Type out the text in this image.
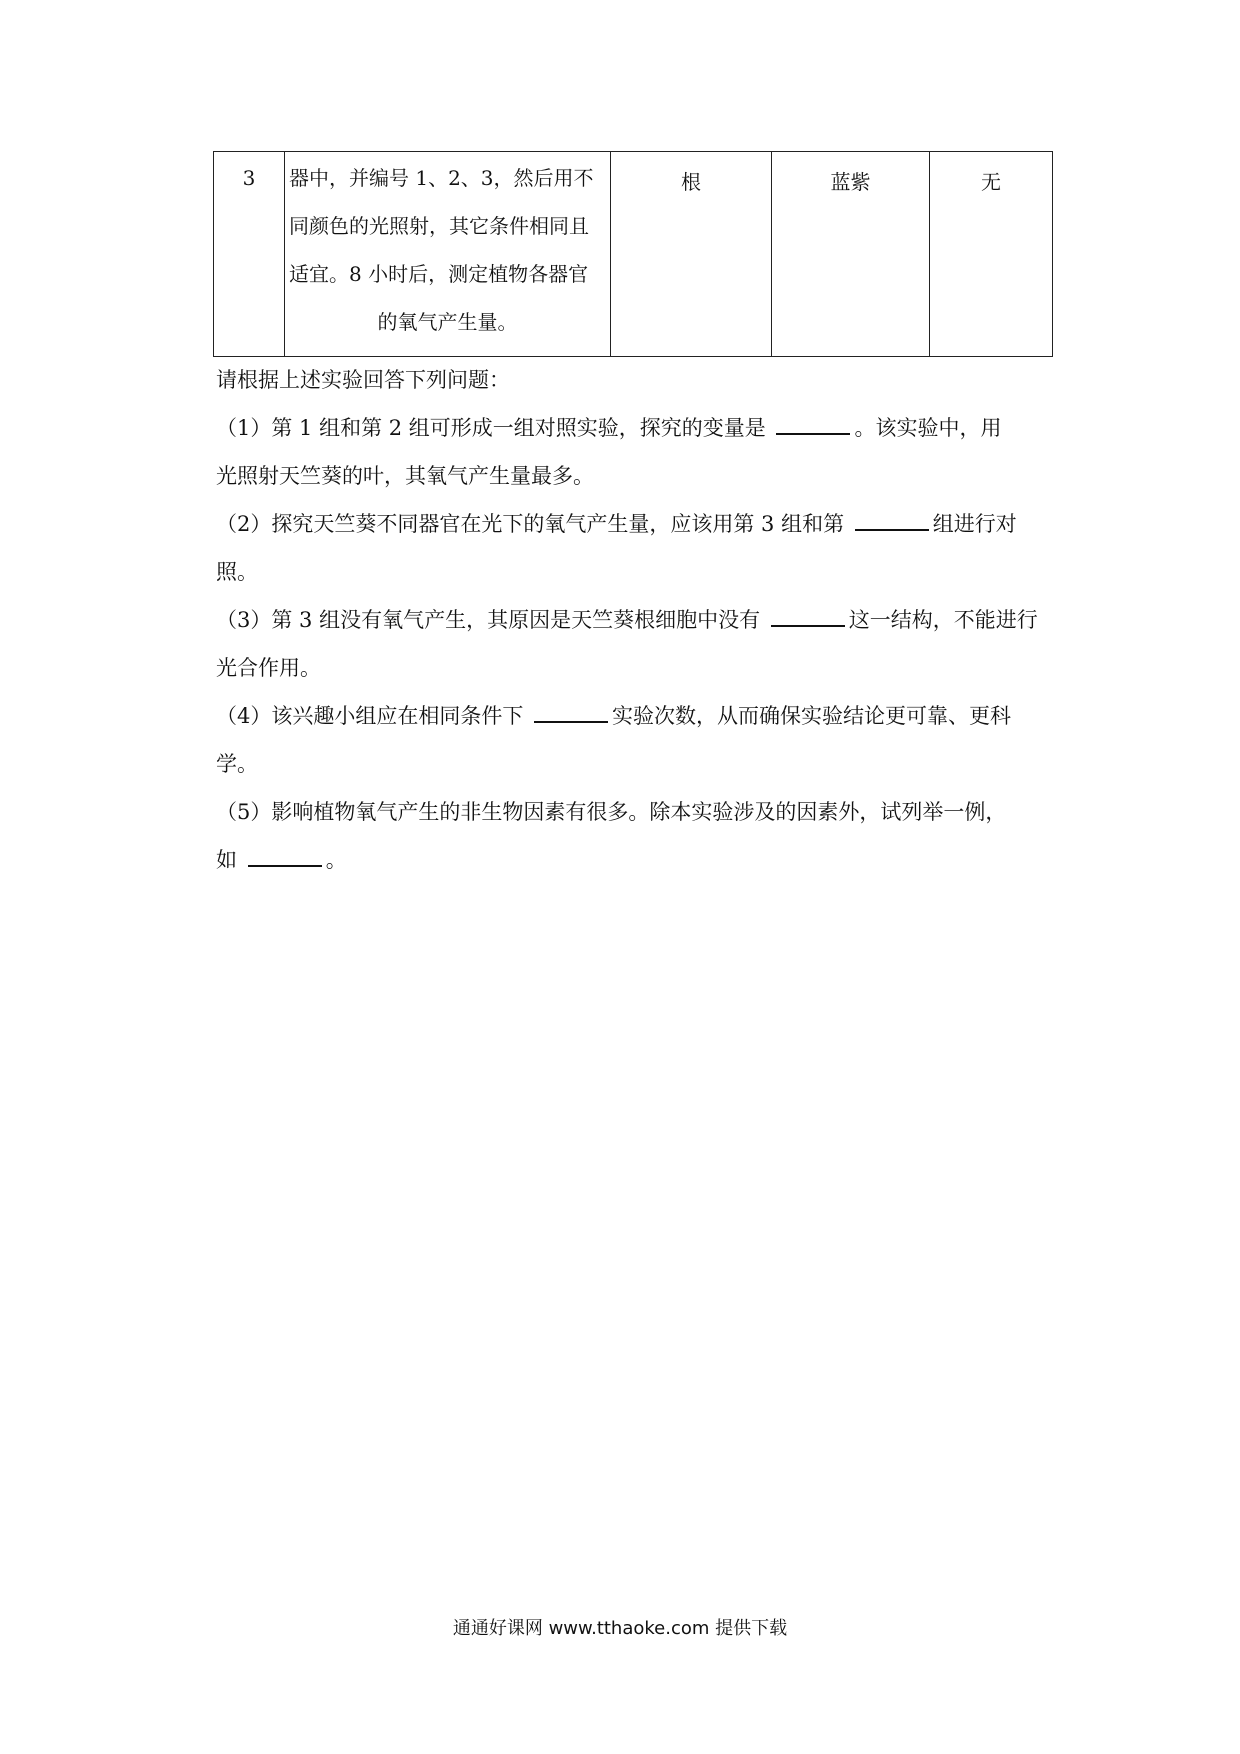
3	器中，并编号 1、2、3，然后用不
同颜色的光照射，其它条件相同且
适宜。8 小时后，测定植物各器官
的氧气产生量。
	根	蓝紫	无
请根据上述实验回答下列问题：
（1）第 1 组和第 2 组可形成一组对照实验，探究的变量是	。该实验中，用
光照射天竺葵的叶，其氧气产生量最多。
（2）探究天竺葵不同器官在光下的氧气产生量，应该用第 3 组和第	组进行对
照。
（3）第 3 组没有氧气产生，其原因是天竺葵根细胞中没有	这一结构，不能进行
光合作用。
（4）该兴趣小组应在相同条件下	实验次数，从而确保实验结论更可靠、更科
学。
（5）影响植物氧气产生的非生物因素有很多。除本实验涉及的因素外，试列举一例，
如	。
通通好课网 www.tthaoke.com 提供下载
